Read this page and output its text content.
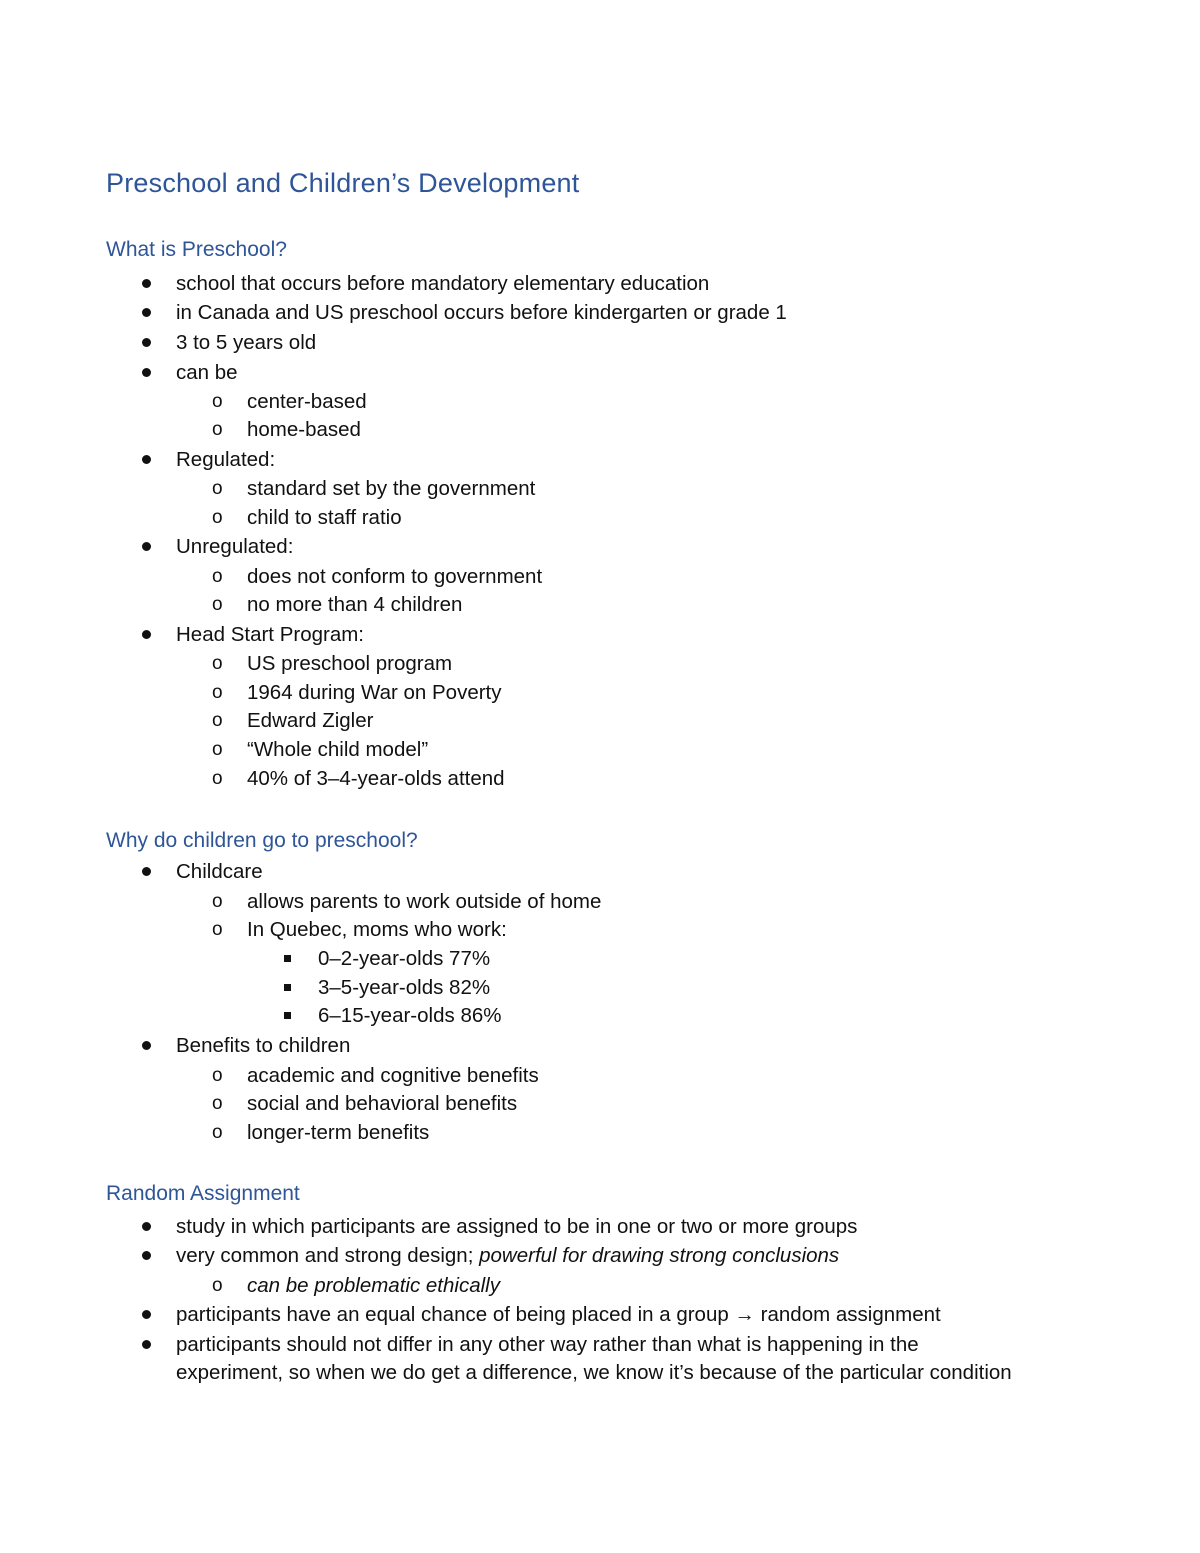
Preschool and Children’s Development
What is Preschool?
school that occurs before mandatory elementary education
in Canada and US preschool occurs before kindergarten or grade 1
3 to 5 years old
can be
o center-based
o home-based
Regulated:
o standard set by the government
o child to staff ratio
Unregulated:
o does not conform to government
o no more than 4 children
Head Start Program:
o US preschool program
o 1964 during War on Poverty
o Edward Zigler
o “Whole child model”
o 40% of 3–4-year-olds attend
Why do children go to preschool?
Childcare
o allows parents to work outside of home
o In Quebec, moms who work:
0–2-year-olds 77%
3–5-year-olds 82%
6–15-year-olds 86%
Benefits to children
o academic and cognitive benefits
o social and behavioral benefits
o longer-term benefits
Random Assignment
study in which participants are assigned to be in one or two or more groups
very common and strong design; powerful for drawing strong conclusions
o can be problematic ethically
participants have an equal chance of being placed in a group → random assignment
participants should not differ in any other way rather than what is happening in the
experiment, so when we do get a difference, we know it’s because of the particular condition
